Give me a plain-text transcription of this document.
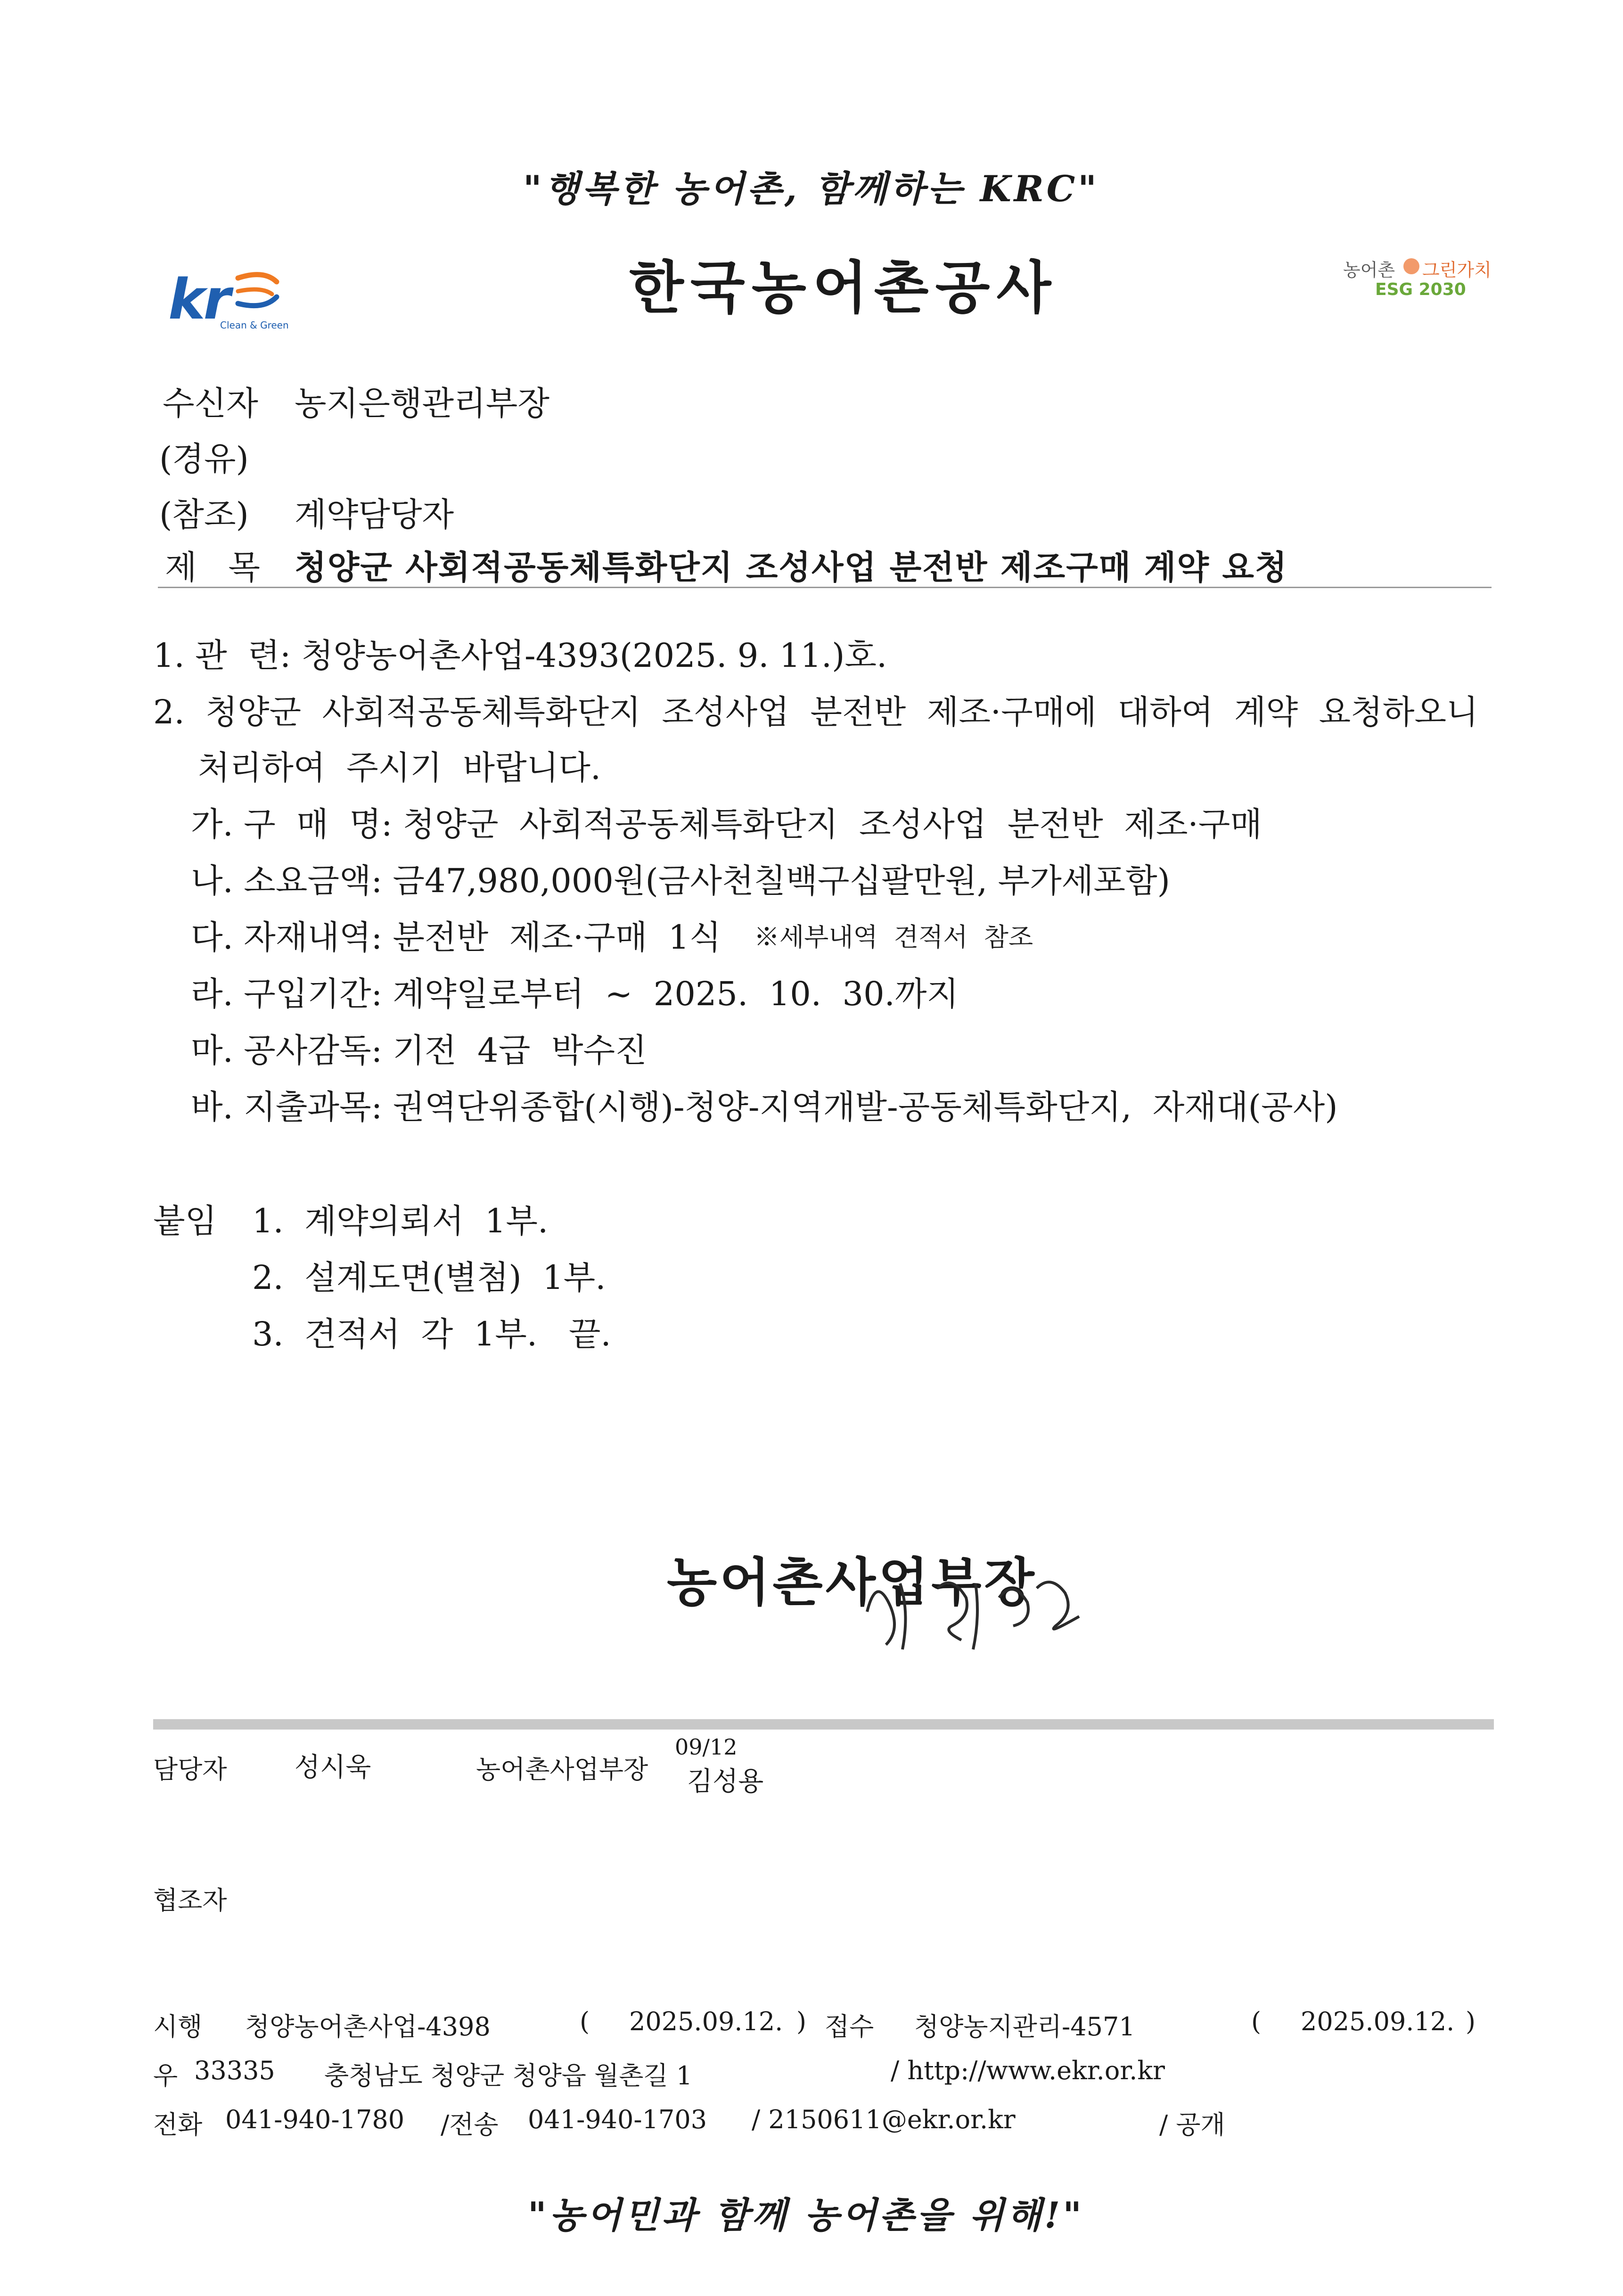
"행복한 농어촌, 함께하는 KRC"
kr
Clean & Green
한국농어촌공사	농어촌 그린가치
ESG 2030
수신자 농지은행관리부장
(경유)
(참조) 계약담당자
제   목 청양군 사회적공동체특화단지 조성사업 분전반 제조구매 계약 요청
1. 관  련: 청양농어촌사업-4393(2025. 9. 11.)호.
2.  청양군  사회적공동체특화단지  조성사업  분전반  제조·구매에  대하여  계약  요청하오니
처리하여  주시기  바랍니다.
가. 구  매  명: 청양군  사회적공동체특화단지  조성사업  분전반  제조·구매
나. 소요금액: 금47,980,000원(금사천칠백구십팔만원, 부가세포함)
다. 자재내역: 분전반  제조·구매  1식 ※세부내역  견적서  참조
라. 구입기간: 계약일로부터  ~  2025.  10.  30.까지
마. 공사감독: 기전  4급  박수진
바. 지출과목: 권역단위종합(시행)-청양-지역개발-공동체특화단지,  자재대(공사)
붙임 1.  계약의뢰서  1부.
2.  설계도면(별첨)  1부.
3.  견적서  각  1부.   끝.
농어촌사업부장
담당자	성시욱	농어촌사업부장
09/12
김성용
협조자
시행 청양농어촌사업-4398	( 2025.09.12. ) 접수 청양농지관리-4571	( 2025.09.12. )
우 33335 충청남도 청양군 청양읍 월촌길 1	/ http://www.ekr.or.kr
전화 041-940-1780 /전송 041-940-1703 / 2150611@ekr.or.kr	/ 공개
"농어민과 함께 농어촌을 위해!"
